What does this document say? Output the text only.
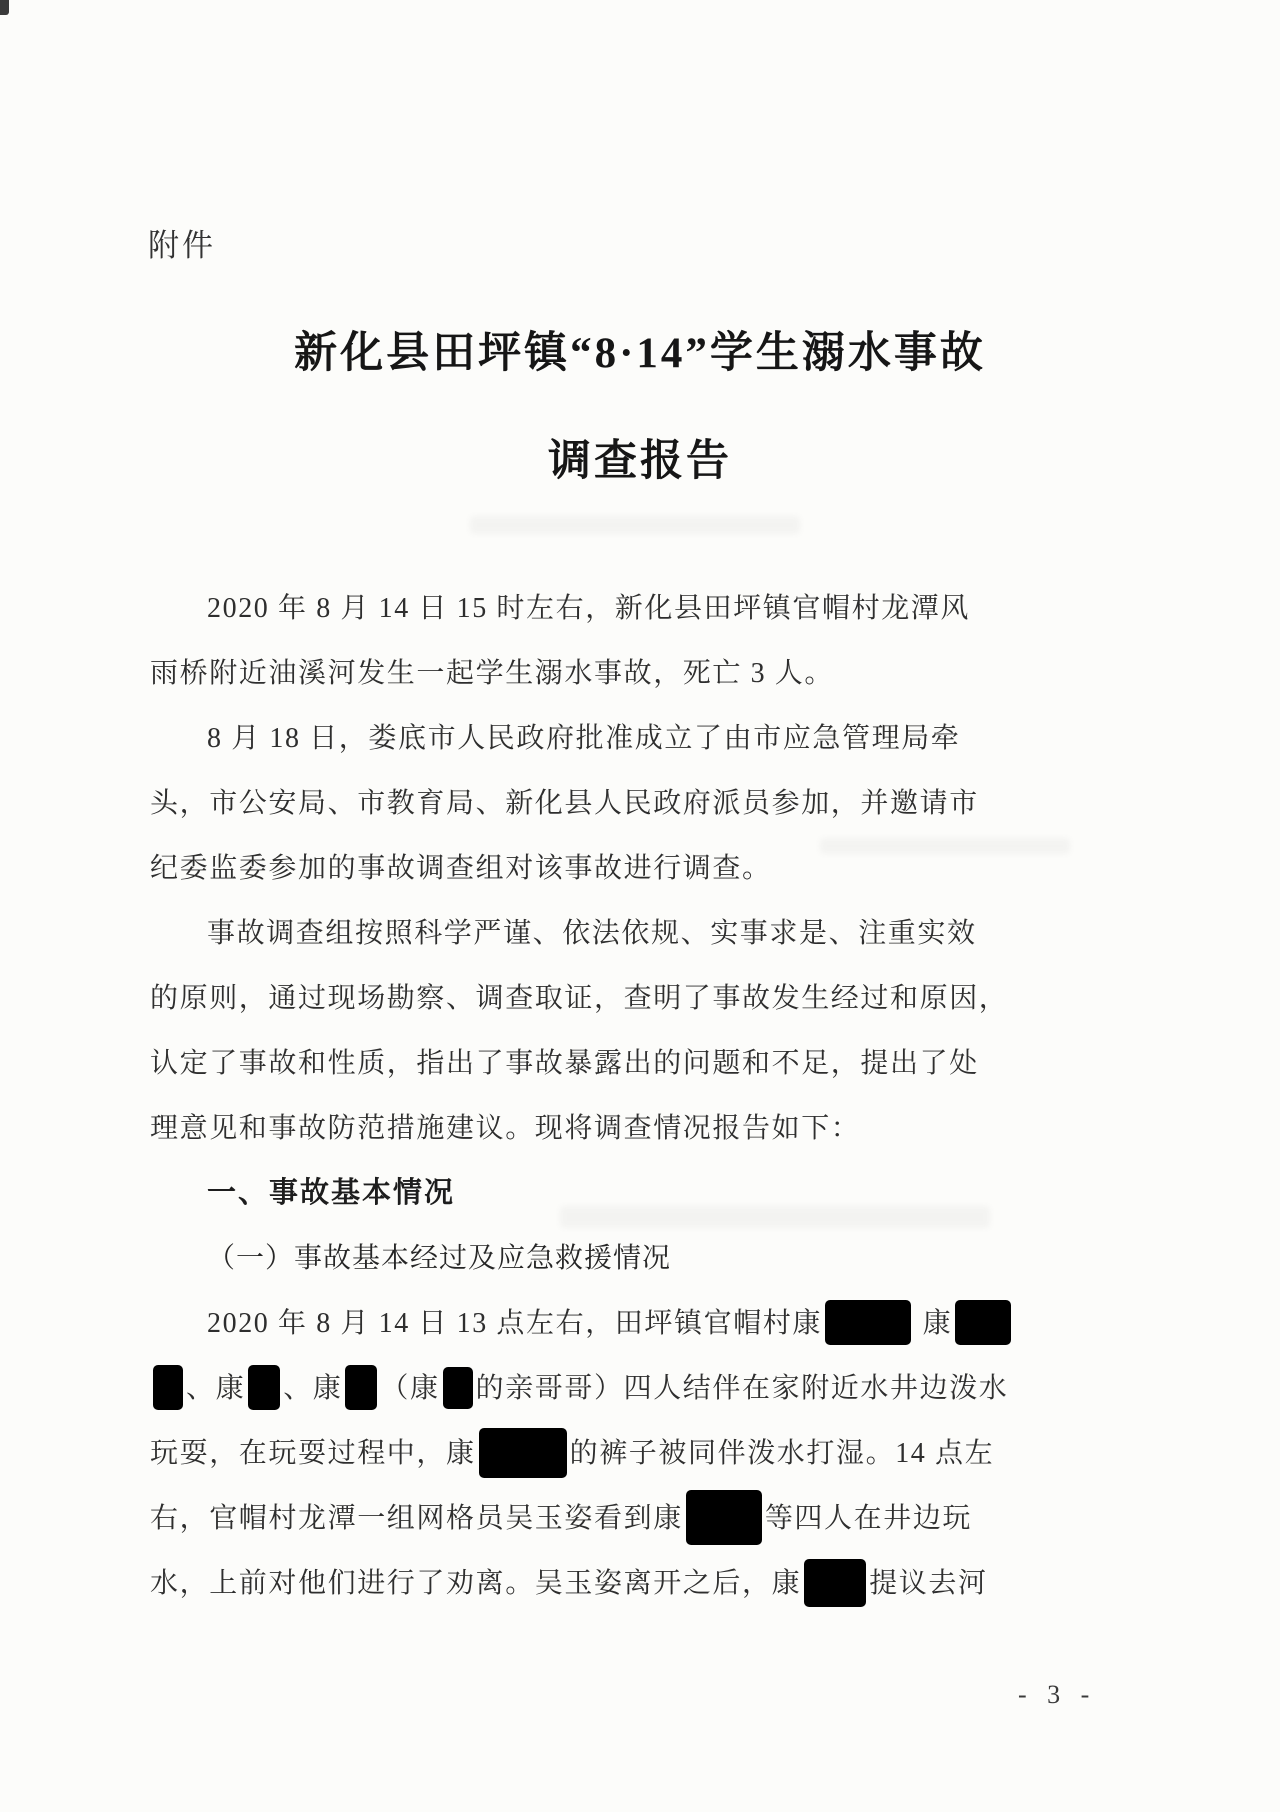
附件
新化县田坪镇“8·14”学生溺水事故
调查报告
2020 年 8 月 14 日 15 时左右，新化县田坪镇官帽村龙潭风
雨桥附近油溪河发生一起学生溺水事故，死亡 3 人。
8 月 18 日，娄底市人民政府批准成立了由市应急管理局牵
头，市公安局、市教育局、新化县人民政府派员参加，并邀请市
纪委监委参加的事故调查组对该事故进行调查。
事故调查组按照科学严谨、依法依规、实事求是、注重实效
的原则，通过现场勘察、调查取证，查明了事故发生经过和原因，
认定了事故和性质，指出了事故暴露出的问题和不足，提出了处
理意见和事故防范措施建议。现将调查情况报告如下：
一、事故基本情况
（一）事故基本经过及应急救援情况
2020 年 8 月 14 日 13 点左右，田坪镇官帽村康	康
、康 、康 （康 的亲哥哥）四人结伴在家附近水井边泼水
玩耍，在玩耍过程中，康	的裤子被同伴泼水打湿。14 点左
右，官帽村龙潭一组网格员吴玉姿看到康	等四人在井边玩
水，上前对他们进行了劝离。吴玉姿离开之后，康 提议去河
- 3 -
